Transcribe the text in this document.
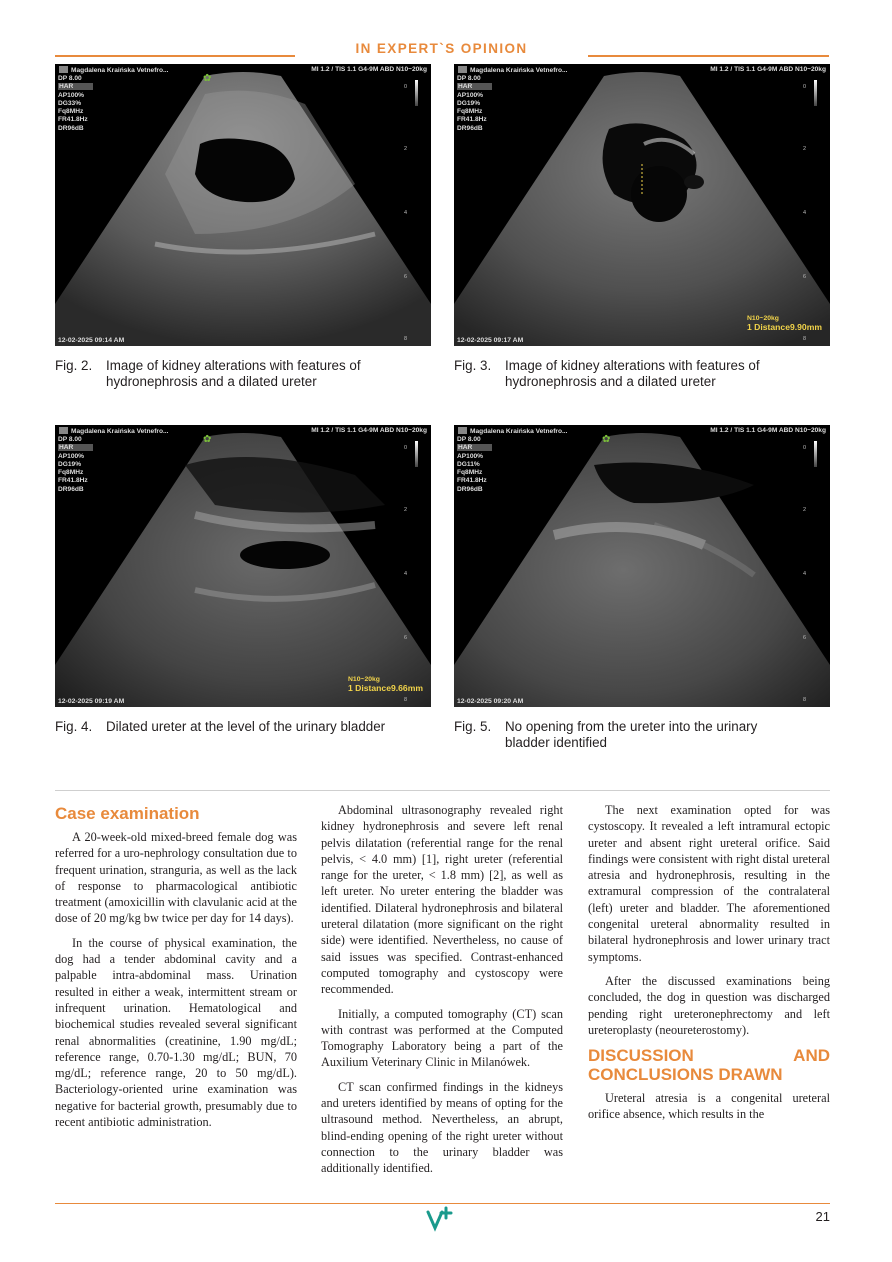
IN EXPERT`S OPINION
Magdalena Kraińska Vetnefro...	MI 1.2 / TIS 1.1 G4-9M ABD N10~20kg
DP 8.00
HAR
AP100%
DG33%
Fq8MHz
FR41.8Hz
DR96dB
✿
0
2
4
6
8
12-02-2025 09:14 AM
Fig. 2. Image of kidney alterations with features of hydronephrosis and a dilated ureter
Magdalena Kraińska Vetnefro...	MI 1.2 / TIS 1.1 G4-9M ABD N10~20kg
DP 8.00
HAR
AP100%
DG19%
Fq8MHz
FR41.8Hz
DR96dB
0
2
4
6
8
N10~20kg
1 Distance9.90mm
12-02-2025 09:17 AM
Fig. 3. Image of kidney alterations with features of hydronephrosis and a dilated ureter
Magdalena Kraińska Vetnefro...	MI 1.2 / TIS 1.1 G4-9M ABD N10~20kg
DP 8.00
HAR
AP100%
DG19%
Fq8MHz
FR41.8Hz
DR96dB
✿
0
2
4
6
8
N10~20kg
1 Distance9.66mm
12-02-2025 09:19 AM
Fig. 4. Dilated ureter at the level of the urinary bladder
Magdalena Kraińska Vetnefro...	MI 1.2 / TIS 1.1 G4-9M ABD N10~20kg
DP 8.00
HAR
AP100%
DG11%
Fq8MHz
FR41.8Hz
DR96dB
✿
0
2
4
6
8
12-02-2025 09:20 AM
Fig. 5. No opening from the ureter into the urinary bladder identified
Case examination

A 20-week-old mixed-breed female dog was referred for a uro-nephrology consultation due to frequent urination, stranguria, as well as the lack of response to pharmacological antibiotic treatment (amoxicillin with clavulanic acid at the dose of 20 mg/kg bw twice per day for 14 days).

In the course of physical examination, the dog had a tender abdominal cavity and a palpable intra-abdominal mass. Urination resulted in either a weak, intermittent stream or infrequent urination. Hematological and biochemical studies revealed several significant renal abnormalities (creatinine, 1.90 mg/dL; reference range, 0.70-1.30 mg/dL; BUN, 70 mg/dL; reference range, 20 to 50 mg/dL). Bacteriology-oriented urine examination was negative for bacterial growth, presumably due to recent antibiotic administration.

Abdominal ultrasonography revealed right kidney hydronephrosis and severe left renal pelvis dilatation (referential range for the renal pelvis, < 4.0 mm) [1], right ureter (referential range for the ureter, < 1.8 mm) [2], as well as left ureter. No ureter entering the bladder was identified. Dilateral hydronephrosis and bilateral ureteral dilatation (more significant on the right side) were identified. Nevertheless, no cause of said issues was specified. Contrast-enhanced computed tomography and cystoscopy were recommended.

Initially, a computed tomography (CT) scan with contrast was performed at the Computed Tomography Laboratory being a part of the Auxilium Veterinary Clinic in Milanówek.

CT scan confirmed findings in the kidneys and ureters identified by means of opting for the ultrasound method. Nevertheless, an abrupt, blind-ending opening of the right ureter without connection to the urinary bladder was additionally identified.

The next examination opted for was cystoscopy. It revealed a left intramural ectopic ureter and absent right ureteral orifice. Said findings were consistent with right distal ureteral atresia and hydronephrosis, resulting in the extramural compression of the contralateral (left) ureter and bladder. The aforementioned congenital ureteral abnormality resulted in bilateral hydronephrosis and lower urinary tract symptoms.

After the discussed examinations being concluded, the dog in question was discharged pending right ureteronephrectomy and left ureteroplasty (neoureterostomy).

DISCUSSION AND CONCLUSIONS DRAWN

Ureteral atresia is a congenital ureteral orifice absence, which results in the

21
